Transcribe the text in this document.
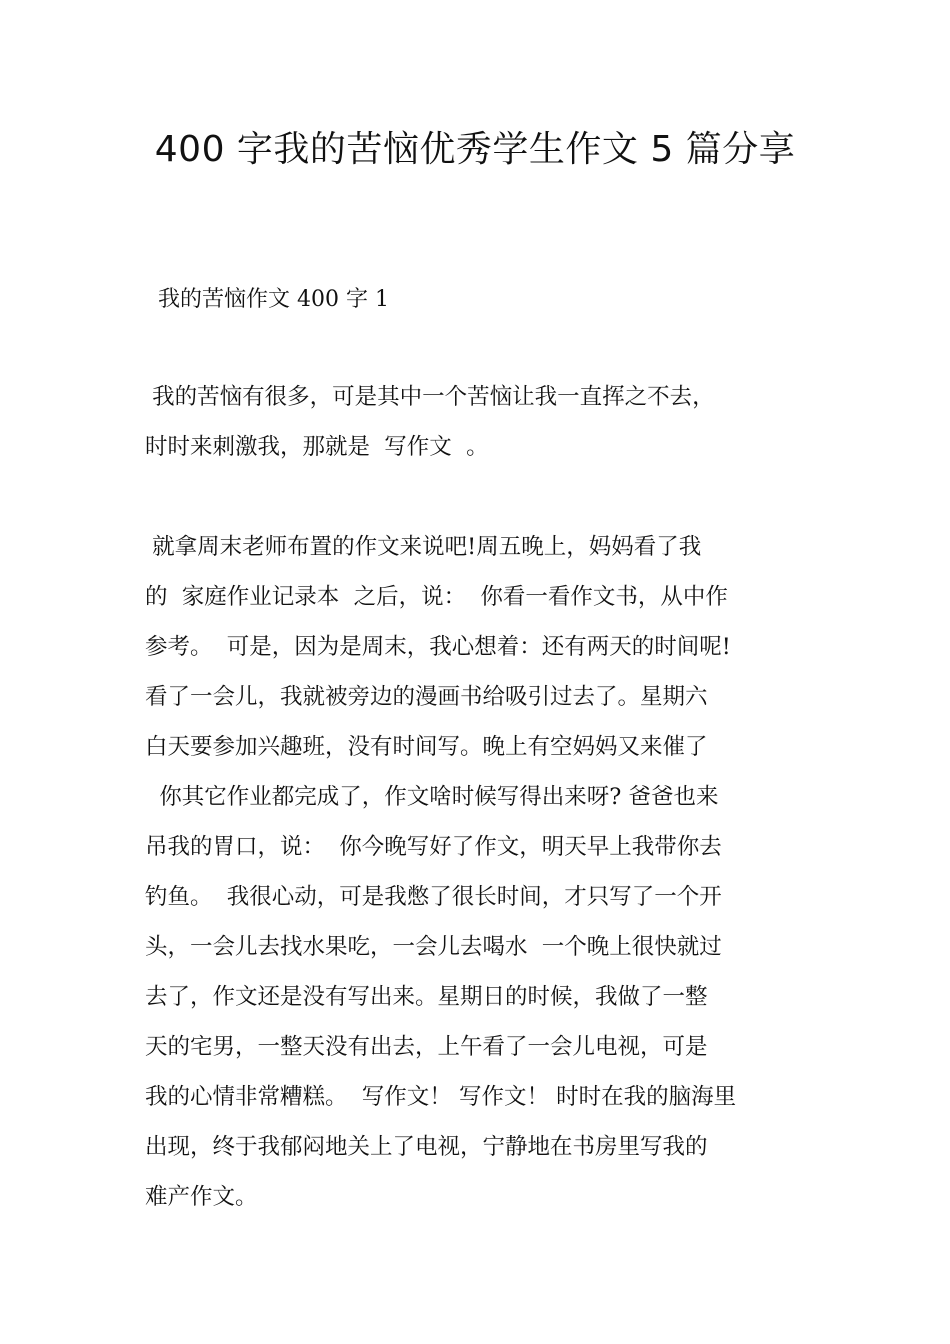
400 字我的苦恼优秀学生作文 5 篇分享
我的苦恼作文 400 字 1
我的苦恼有很多，可是其中一个苦恼让我一直挥之不去，
时时来刺激我，那就是  写作文  。
就拿周末老师布置的作文来说吧!周五晚上，妈妈看了我
的  家庭作业记录本  之后，说：  你看一看作文书，从中作
参考。  可是，因为是周末，我心想着：还有两天的时间呢!
看了一会儿，我就被旁边的漫画书给吸引过去了。星期六
白天要参加兴趣班，没有时间写。晚上有空妈妈又来催了
你其它作业都完成了，作文啥时候写得出来呀? 爸爸也来
吊我的胃口，说：  你今晚写好了作文，明天早上我带你去
钓鱼。  我很心动，可是我憋了很长时间，才只写了一个开
头，一会儿去找水果吃，一会儿去喝水  一个晚上很快就过
去了，作文还是没有写出来。星期日的时候，我做了一整
天的宅男，一整天没有出去，上午看了一会儿电视，可是
我的心情非常糟糕。  写作文！ 写作文！ 时时在我的脑海里
出现，终于我郁闷地关上了电视，宁静地在书房里写我的
难产作文。
